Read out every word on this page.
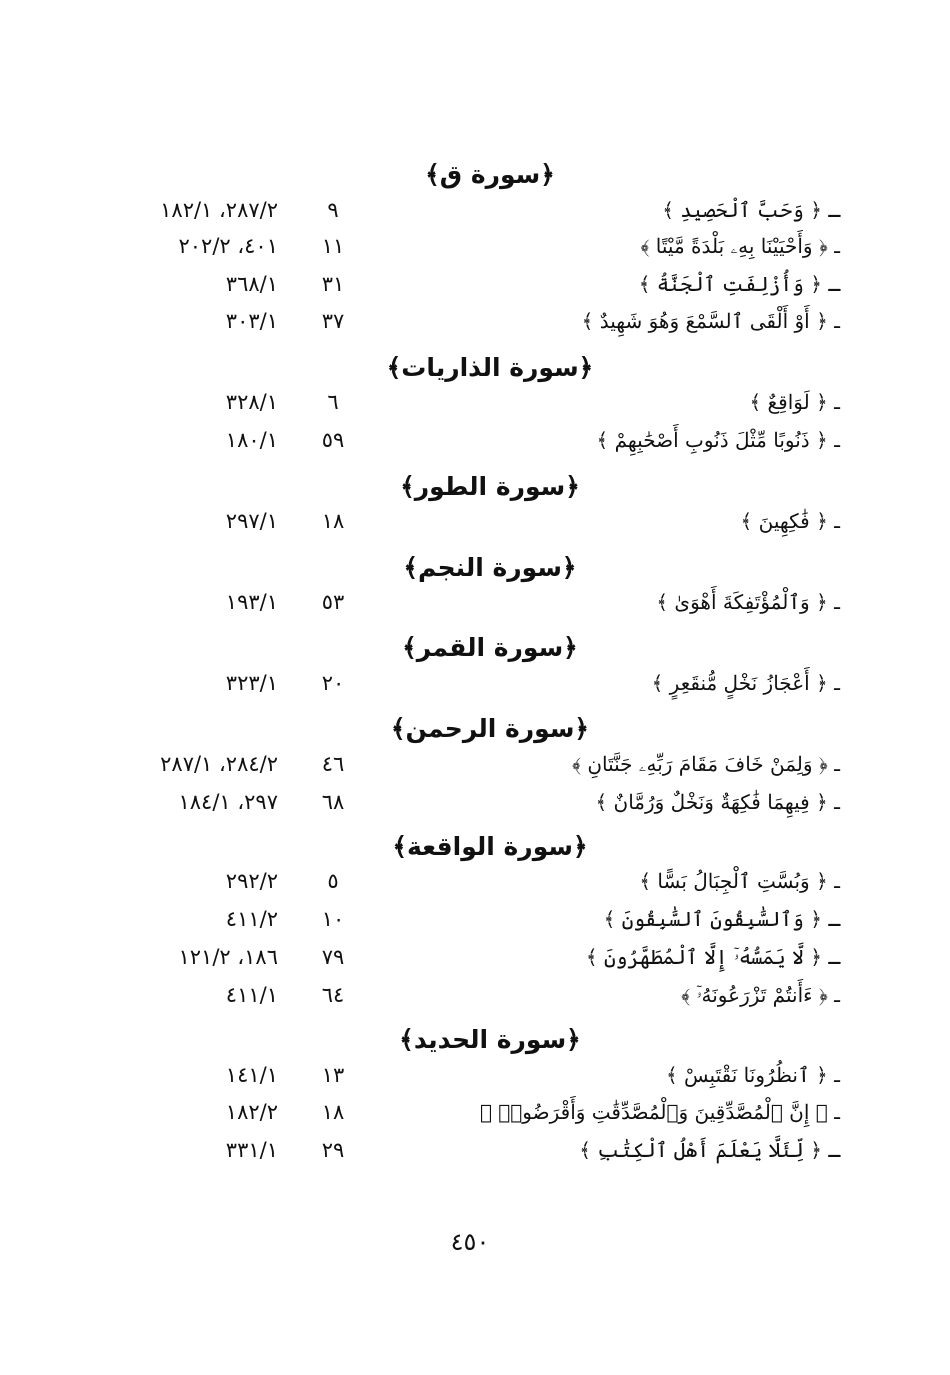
﴿سورة ق﴾
٢٨٧/٢، ١٨٢/١	٩	ـ ﴿ وَحَبَّ ٱلْحَصِيدِ ﴾
٤٠١، ٢٠٢/٢	١١	ـ ﴿ وَأَحْيَيْنَا بِهِۦ بَلْدَةً مَّيْتًا ﴾
٣٦٨/١	٣١	ـ ﴿ وَأُزْلِفَتِ ٱلْجَنَّةُ ﴾
٣٠٣/١	٣٧	ـ ﴿ أَوْ أَلْقَى ٱلسَّمْعَ وَهُوَ شَهِيدٌ ﴾
﴿سورة الذاريات﴾
٣٢٨/١	٦	ـ ﴿ لَوَاقِعٌ ﴾
١٨٠/١	٥٩	ـ ﴿ ذَنُوبًا مِّثْلَ ذَنُوبِ أَصْحَٰبِهِمْ ﴾
﴿سورة الطور﴾
٢٩٧/١	١٨	ـ ﴿ فَٰكِهِينَ ﴾
﴿سورة النجم﴾
١٩٣/١	٥٣	ـ ﴿ وَٱلْمُؤْتَفِكَةَ أَهْوَىٰ ﴾
﴿سورة القمر﴾
٣٢٣/١	٢٠	ـ ﴿ أَعْجَازُ نَخْلٍ مُّنقَعِرٍ ﴾
﴿سورة الرحمن﴾
٢٨٤/٢، ٢٨٧/١	٤٦	ـ ﴿ وَلِمَنْ خَافَ مَقَامَ رَبِّهِۦ جَنَّتَانِ ﴾
٢٩٧، ١٨٤/١	٦٨	ـ ﴿ فِيهِمَا فَٰكِهَةٌ وَنَخْلٌ وَرُمَّانٌ ﴾
﴿سورة الواقعة﴾
٢٩٢/٢	٥	ـ ﴿ وَبُسَّتِ ٱلْجِبَالُ بَسًّا ﴾
٤١١/٢	١٠	ـ ﴿ وَٱلسَّٰبِقُونَ ٱلسَّٰبِقُونَ ﴾
١٨٦، ١٢١/٢	٧٩	ـ ﴿ لَّا يَمَسُّهُۥٓ إِلَّا ٱلْمُطَهَّرُونَ ﴾
٤١١/١	٦٤	ـ ﴿ ءَأَنتُمْ تَزْرَعُونَهُۥٓ ﴾
﴿سورة الحديد﴾
١٤١/١	١٣	ـ ﴿ ٱنظُرُونَا نَقْتَبِسْ ﴾
١٨٢/٢	١٨	ـ ﴿ إِنَّ ٱلْمُصَّدِّقِينَ وَٱلْمُصَّدِّقَٰتِ وَأَقْرَضُوا۟ ﴾
٣٣١/١	٢٩	ـ ﴿ لِّئَلَّا يَعْلَمَ أَهْلُ ٱلْكِتَٰبِ ﴾
٤٥٠
